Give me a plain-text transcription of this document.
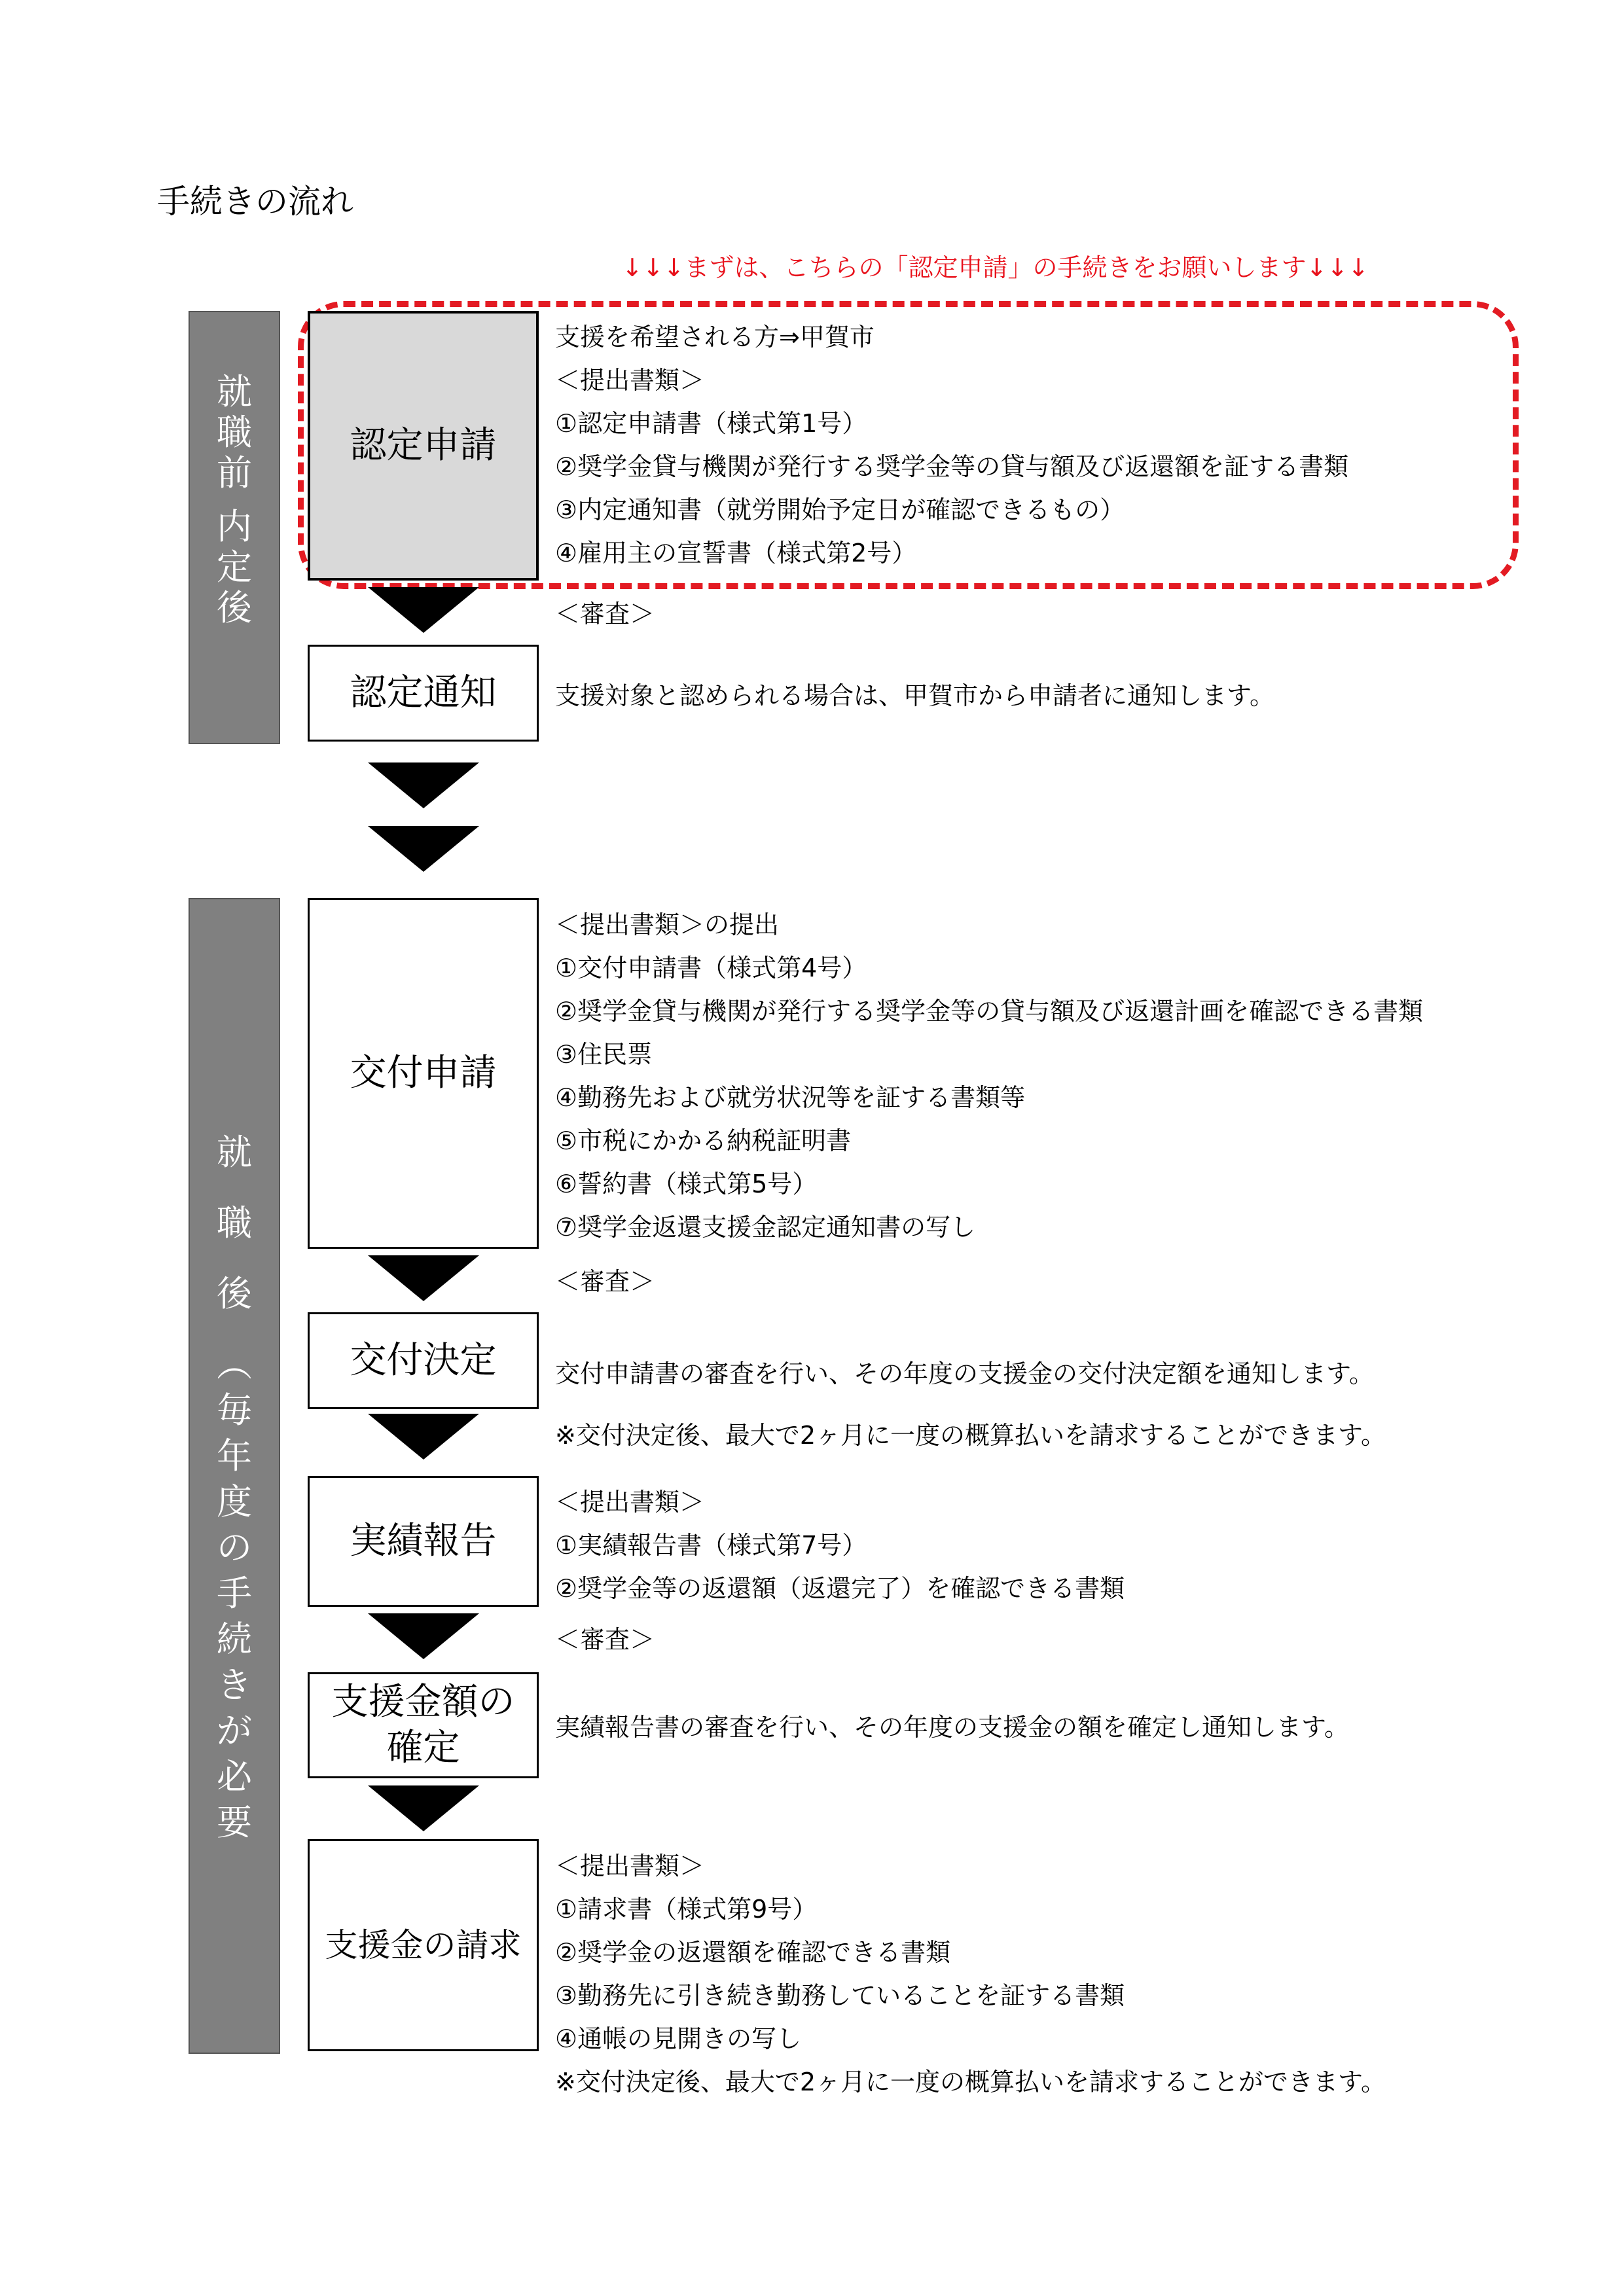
手続きの流れ
↓↓↓まずは、こちらの「認定申請」の手続きをお願いします↓↓↓
就
職
前
内
定
後
就
職
後
︵
毎
年
度
の
手
続
き
が
必
要
認定申請
支援を希望される方⇒甲賀市
＜提出書類＞
①認定申請書（様式第1号）
②奨学金貸与機関が発行する奨学金等の貸与額及び返還額を証する書類
③内定通知書（就労開始予定日が確認できるもの）
④雇用主の宣誓書（様式第2号）
＜審査＞
認定通知 支援対象と認められる場合は、甲賀市から申請者に通知します。
交付申請
＜提出書類＞の提出
①交付申請書（様式第4号）
②奨学金貸与機関が発行する奨学金等の貸与額及び返還計画を確認できる書類
③住民票
④勤務先および就労状況等を証する書類等
⑤市税にかかる納税証明書
⑥誓約書（様式第5号）
⑦奨学金返還支援金認定通知書の写し
＜審査＞
交付決定 交付申請書の審査を行い、その年度の支援金の交付決定額を通知します。
※交付決定後、最大で2ヶ月に一度の概算払いを請求することができます。
実績報告
＜提出書類＞
①実績報告書（様式第7号）
②奨学金等の返還額（返還完了）を確認できる書類
＜審査＞
支援金額の
確定	実績報告書の審査を行い、その年度の支援金の額を確定し通知します。
支援金の請求
＜提出書類＞
①請求書（様式第9号）
②奨学金の返還額を確認できる書類
③勤務先に引き続き勤務していることを証する書類
④通帳の見開きの写し
※交付決定後、最大で2ヶ月に一度の概算払いを請求することができます。
